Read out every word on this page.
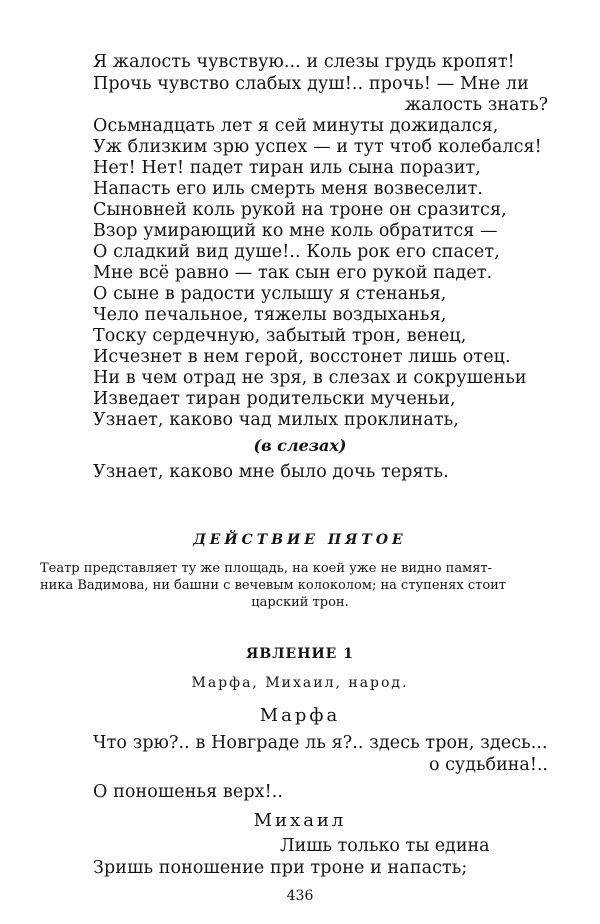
Я жалость чувствую... и слезы грудь кропят!
Прочь чувство слабых душ!.. прочь! — Мне ли
жалость знать?
Осьмнадцать лет я сей минуты дожидался,
Уж близким зрю успех — и тут чтоб колебался!
Нет! Нет! падет тиран иль сына поразит,
Напасть его иль смерть меня возвеселит.
Сыновней коль рукой на троне он сразится,
Взор умирающий ко мне коль обратится —
О сладкий вид душе!.. Коль рок его спасет,
Мне всё равно — так сын его рукой падет.
О сыне в радости услышу я стенанья,
Чело печальное, тяжелы воздыханья,
Тоску сердечную, забытый трон, венец,
Исчезнет в нем герой, восстонет лишь отец.
Ни в чем отрад не зря, в слезах и сокрушеньи
Изведает тиран родительски мученьи,
Узнает, каково чад милых проклинать,
(в слезах)
Узнает, каково мне было дочь терять.
ДЕЙСТВИЕ ПЯТОЕ
Театр представляет ту же площадь, на коей уже не видно памят-
ника Вадимова, ни башни с вечевым колоколом; на ступенях стоит
царский трон.
ЯВЛЕНИЕ 1
Марфа, Михаил, народ.
Марфа
Что зрю?.. в Новграде ль я?.. здесь трон, здесь...
о судьбина!..
О поношенья верх!..
Михаил
Лишь только ты едина
Зришь поношение при троне и напасть;
436
